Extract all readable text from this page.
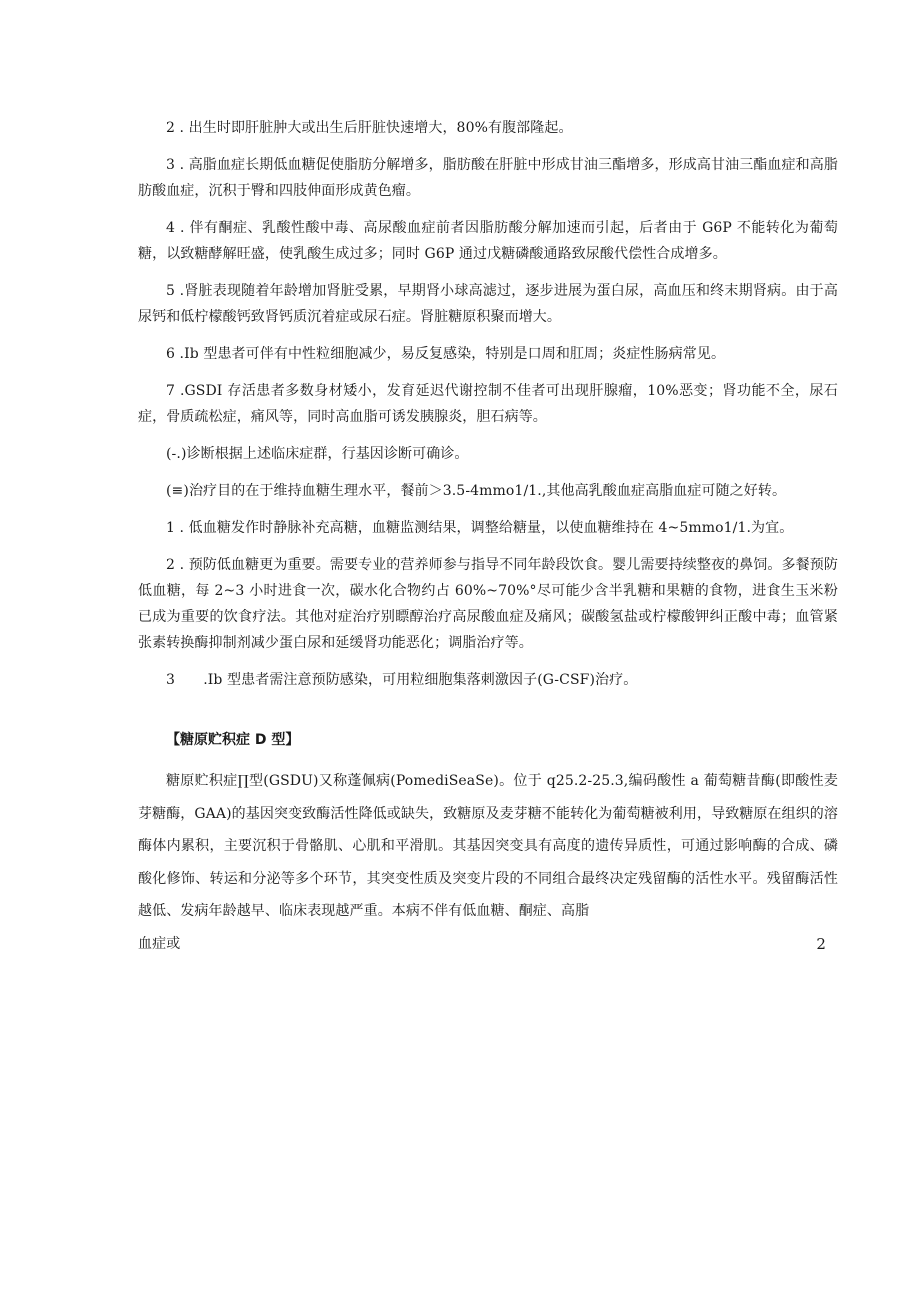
2 . 出生时即肝脏肿大或出生后肝脏快速增大，80%有腹部隆起。

3 . 高脂血症长期低血糖促使脂肪分解增多，脂肪酸在肝脏中形成甘油三酯增多，形成高甘油三酯血症和高脂肪酸血症，沉积于臀和四肢伸面形成黄色瘤。

4 . 伴有酮症、乳酸性酸中毒、高尿酸血症前者因脂肪酸分解加速而引起，后者由于 G6P 不能转化为葡萄糖，以致糖酵解旺盛，使乳酸生成过多；同时 G6P 通过戊糖磷酸通路致尿酸代偿性合成增多。

5 .肾脏表现随着年龄增加肾脏受累，早期肾小球高滤过，逐步进展为蛋白尿，高血压和终末期肾病。由于高尿钙和低柠檬酸钙致肾钙质沉着症或尿石症。肾脏糖原积聚而增大。

6 .Ib 型患者可伴有中性粒细胞减少，易反复感染，特别是口周和肛周；炎症性肠病常见。

7 .GSDI 存活患者多数身材矮小，发育延迟代谢控制不佳者可出现肝腺瘤，10%恶变；肾功能不全，尿石症，骨质疏松症，痛风等，同时高血脂可诱发胰腺炎，胆石病等。

(-.)诊断根据上述临床症群，行基因诊断可确诊。

(≡)治疗目的在于维持血糖生理水平，餐前＞3.5-4mmo1∕1.,其他高乳酸血症高脂血症可随之好转。

1 . 低血糖发作时静脉补充高糖，血糖监测结果，调整给糖量，以使血糖维持在 4~5mmo1∕1.为宜。

2 . 预防低血糖更为重要。需要专业的营养师参与指导不同年龄段饮食。婴儿需要持续整夜的鼻饲。多餐预防低血糖，每 2~3 小时进食一次，碳水化合物约占 60%~70%°尽可能少含半乳糖和果糖的食物，进食生玉米粉已成为重要的饮食疗法。其他对症治疗别瞟醇治疗高尿酸血症及痛风；碳酸氢盐或柠檬酸钾纠正酸中毒；血管紧张素转换酶抑制剂减少蛋白尿和延缓肾功能恶化；调脂治疗等。

3　　.Ib 型患者需注意预防感染，可用粒细胞集落刺激因子(G-CSF)治疗。

【糖原贮积症 D 型】

糖原贮积症∏型(GSDU)又称蓬佩病(PomediSeaSe)。位于 q25.2-25.3,编码酸性 a 葡萄糖昔酶(即酸性麦芽糖酶，GAA)的基因突变致酶活性降低或缺失，致糖原及麦芽糖不能转化为葡萄糖被利用，导致糖原在组织的溶酶体内累积，主要沉积于骨骼肌、心肌和平滑肌。其基因突变具有高度的遗传异质性，可通过影响酶的合成、磷酸化修饰、转运和分泌等多个环节，其突变性质及突变片段的不同组合最终决定残留酶的活性水平。残留酶活性越低、发病年龄越早、临床表现越严重。本病不伴有低血糖、酮症、高脂

血症或	2
